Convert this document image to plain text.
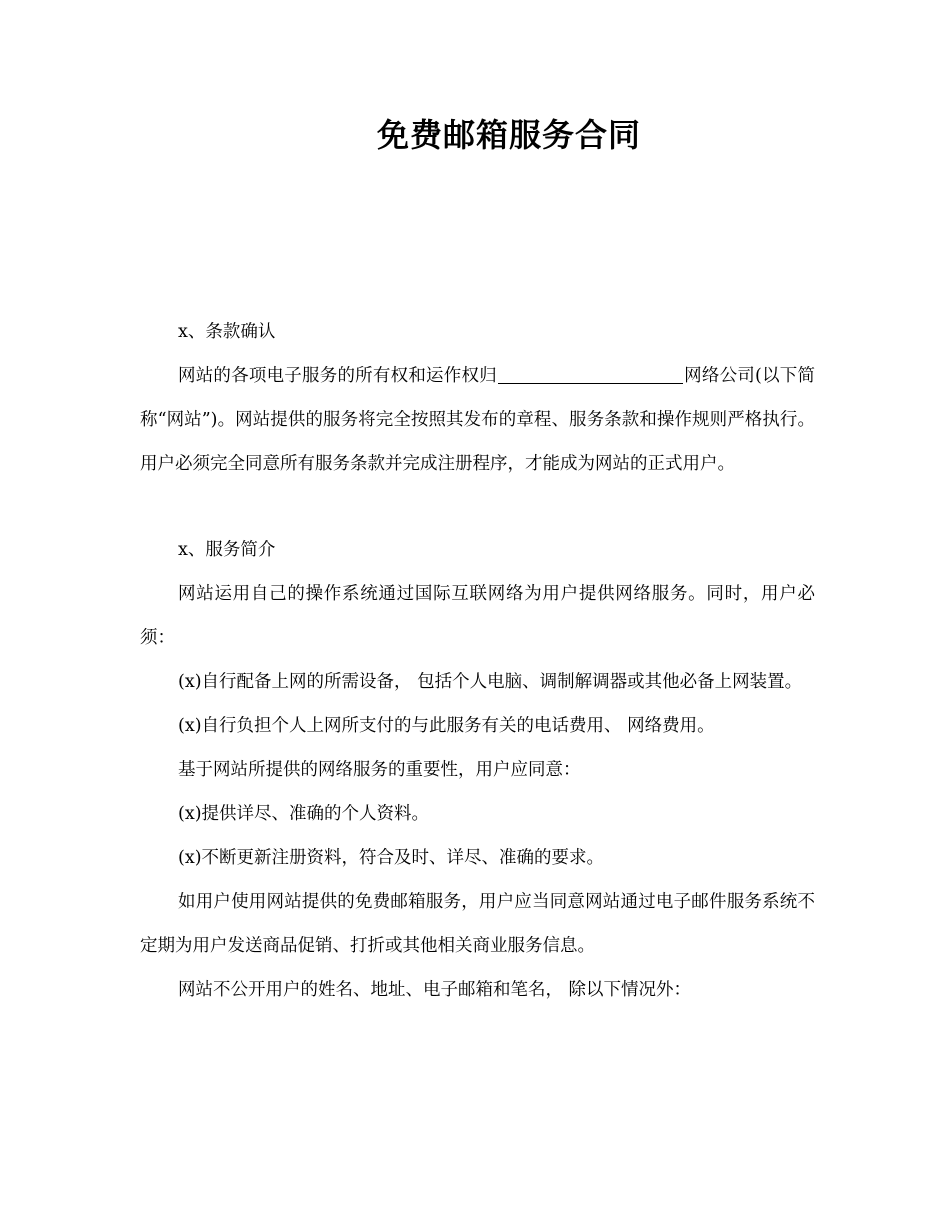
免费邮箱服务合同

x、条款确认

网站的各项电子服务的所有权和运作权归	网络公司(以下简称“网站”)。网站提供的服务将完全按照其发布的章程、服务条款和操作规则严格执行。用户必须完全同意所有服务条款并完成注册程序，才能成为网站的正式用户。

x、服务简介

网站运用自己的操作系统通过国际互联网络为用户提供网络服务。同时，用户必须：

(x)自行配备上网的所需设备， 包括个人电脑、调制解调器或其他必备上网装置。

(x)自行负担个人上网所支付的与此服务有关的电话费用、 网络费用。

基于网站所提供的网络服务的重要性，用户应同意：

(x)提供详尽、准确的个人资料。

(x)不断更新注册资料，符合及时、详尽、准确的要求。

如用户使用网站提供的免费邮箱服务，用户应当同意网站通过电子邮件服务系统不定期为用户发送商品促销、打折或其他相关商业服务信息。

网站不公开用户的姓名、地址、电子邮箱和笔名， 除以下情况外：
